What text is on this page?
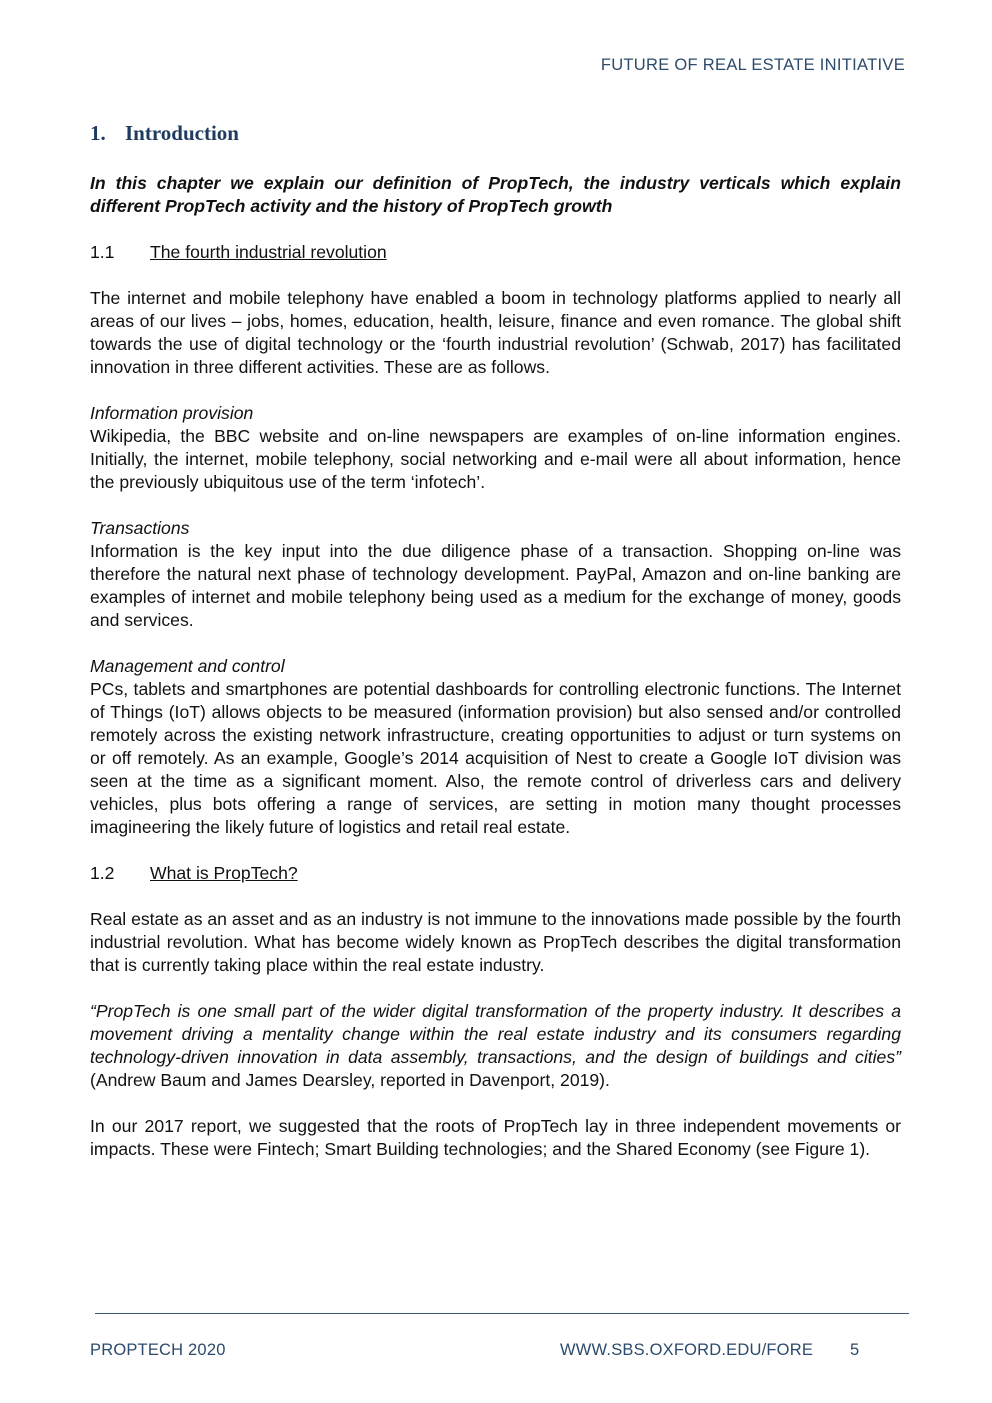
FUTURE OF REAL ESTATE INITIATIVE
1. Introduction

In this chapter we explain our definition of PropTech, the industry verticals which explain different PropTech activity and the history of PropTech growth

1.1 The fourth industrial revolution

The internet and mobile telephony have enabled a boom in technology platforms applied to nearly all areas of our lives – jobs, homes, education, health, leisure, finance and even romance. The global shift towards the use of digital technology or the ‘fourth industrial revolution’ (Schwab, 2017) has facilitated innovation in three different activities. These are as follows.

Information provision
Wikipedia, the BBC website and on-line newspapers are examples of on-line information engines. Initially, the internet, mobile telephony, social networking and e-mail were all about information, hence the previously ubiquitous use of the term ‘infotech’.

Transactions
Information is the key input into the due diligence phase of a transaction. Shopping on-line was therefore the natural next phase of technology development. PayPal, Amazon and on-line banking are examples of internet and mobile telephony being used as a medium for the exchange of money, goods and services.

Management and control
PCs, tablets and smartphones are potential dashboards for controlling electronic functions. The Internet of Things (IoT) allows objects to be measured (information provision) but also sensed and/or controlled remotely across the existing network infrastructure, creating opportunities to adjust or turn systems on or off remotely. As an example, Google’s 2014 acquisition of Nest to create a Google IoT division was seen at the time as a significant moment. Also, the remote control of driverless cars and delivery vehicles, plus bots offering a range of services, are setting in motion many thought processes imagineering the likely future of logistics and retail real estate.

1.2 What is PropTech?

Real estate as an asset and as an industry is not immune to the innovations made possible by the fourth industrial revolution. What has become widely known as PropTech describes the digital transformation that is currently taking place within the real estate industry.

“PropTech is one small part of the wider digital transformation of the property industry. It describes a movement driving a mentality change within the real estate industry and its consumers regarding technology-driven innovation in data assembly, transactions, and the design of buildings and cities” (Andrew Baum and James Dearsley, reported in Davenport, 2019).

In our 2017 report, we suggested that the roots of PropTech lay in three independent movements or impacts. These were Fintech; Smart Building technologies; and the Shared Economy (see Figure 1).

PROPTECH 2020	WWW.SBS.OXFORD.EDU/FORE 5
